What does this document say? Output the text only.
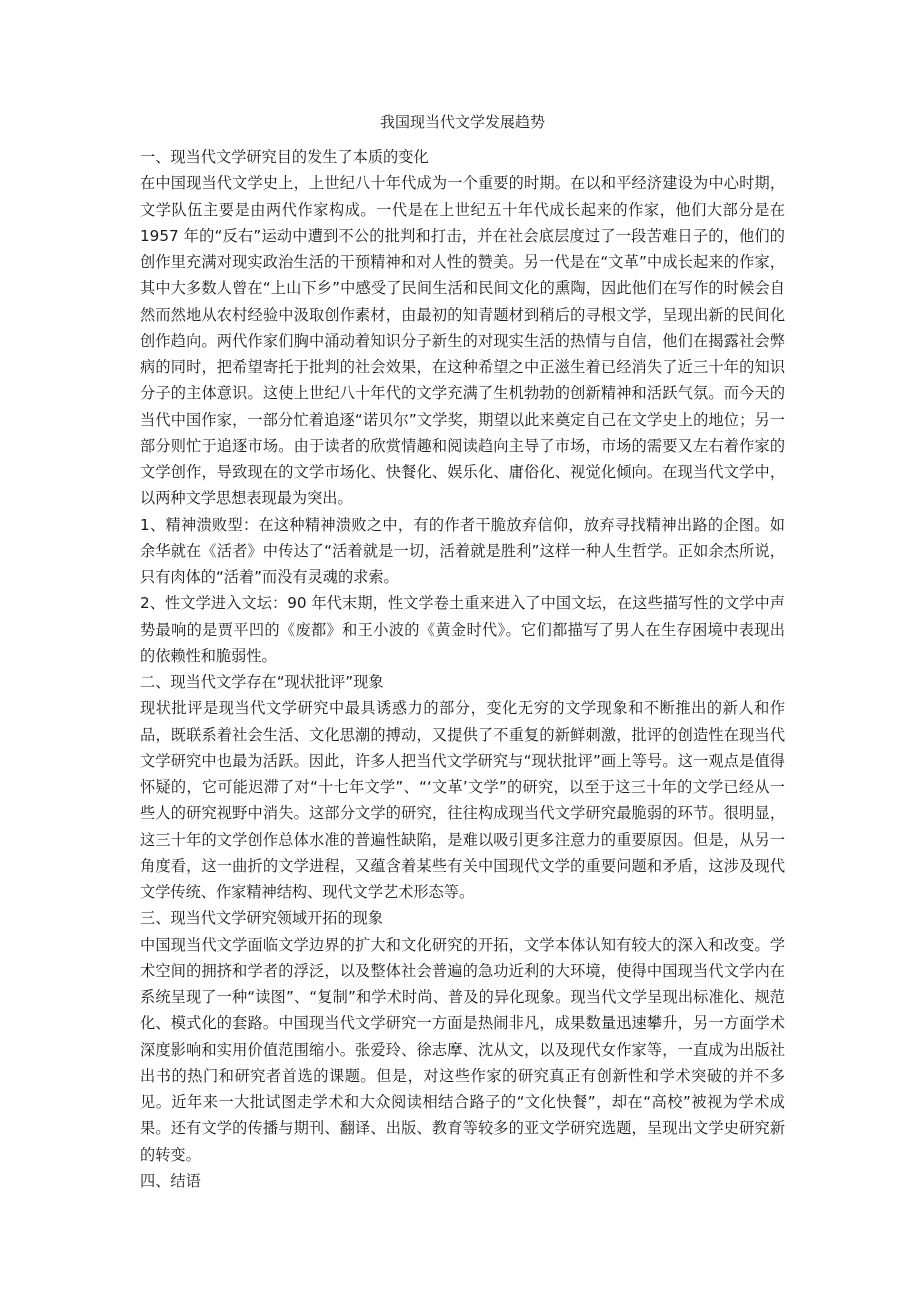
我国现当代文学发展趋势

一、现当代文学研究目的发生了本质的变化

在中国现当代文学史上，上世纪八十年代成为一个重要的时期。在以和平经济建设为中心时期，文学队伍主要是由两代作家构成。一代是在上世纪五十年代成长起来的作家，他们大部分是在 1957 年的“反右”运动中遭到不公的批判和打击，并在社会底层度过了一段苦难日子的，他们的创作里充满对现实政治生活的干预精神和对人性的赞美。另一代是在“文革”中成长起来的作家，其中大多数人曾在“上山下乡”中感受了民间生活和民间文化的熏陶，因此他们在写作的时候会自然而然地从农村经验中汲取创作素材，由最初的知青题材到稍后的寻根文学，呈现出新的民间化创作趋向。两代作家们胸中涌动着知识分子新生的对现实生活的热情与自信，他们在揭露社会弊病的同时，把希望寄托于批判的社会效果，在这种希望之中正滋生着已经消失了近三十年的知识分子的主体意识。这使上世纪八十年代的文学充满了生机勃勃的创新精神和活跃气氛。而今天的当代中国作家，一部分忙着追逐“诺贝尔”文学奖，期望以此来奠定自己在文学史上的地位；另一部分则忙于追逐市场。由于读者的欣赏情趣和阅读趋向主导了市场，市场的需要又左右着作家的文学创作，导致现在的文学市场化、快餐化、娱乐化、庸俗化、视觉化倾向。在现当代文学中，以两种文学思想表现最为突出。

1、精神溃败型：在这种精神溃败之中，有的作者干脆放弃信仰，放弃寻找精神出路的企图。如余华就在《活者》中传达了“活着就是一切，活着就是胜利”这样一种人生哲学。正如余杰所说，只有肉体的“活着”而没有灵魂的求索。

2、性文学进入文坛：90 年代末期，性文学卷土重来进入了中国文坛，在这些描写性的文学中声势最响的是贾平凹的《废都》和王小波的《黄金时代》。它们都描写了男人在生存困境中表现出的依赖性和脆弱性。

二、现当代文学存在“现状批评”现象

现状批评是现当代文学研究中最具诱惑力的部分，变化无穷的文学现象和不断推出的新人和作品，既联系着社会生活、文化思潮的搏动，又提供了不重复的新鲜刺激，批评的创造性在现当代文学研究中也最为活跃。因此，许多人把当代文学研究与“现状批评”画上等号。这一观点是值得怀疑的，它可能迟滞了对“十七年文学”、“‘文革’文学”的研究，以至于这三十年的文学已经从一些人的研究视野中消失。这部分文学的研究，往往构成现当代文学研究最脆弱的环节。很明显，这三十年的文学创作总体水准的普遍性缺陷，是难以吸引更多注意力的重要原因。但是，从另一角度看，这一曲折的文学进程，又蕴含着某些有关中国现代文学的重要问题和矛盾，这涉及现代文学传统、作家精神结构、现代文学艺术形态等。

三、现当代文学研究领域开拓的现象

中国现当代文学面临文学边界的扩大和文化研究的开拓，文学本体认知有较大的深入和改变。学术空间的拥挤和学者的浮泛，以及整体社会普遍的急功近利的大环境，使得中国现当代文学内在系统呈现了一种“读图”、“复制”和学术时尚、普及的异化现象。现当代文学呈现出标准化、规范化、模式化的套路。中国现当代文学研究一方面是热闹非凡，成果数量迅速攀升，另一方面学术深度影响和实用价值范围缩小。张爱玲、徐志摩、沈从文，以及现代女作家等，一直成为出版社出书的热门和研究者首选的课题。但是，对这些作家的研究真正有创新性和学术突破的并不多见。近年来一大批试图走学术和大众阅读相结合路子的“文化快餐”，却在“高校”被视为学术成果。还有文学的传播与期刊、翻译、出版、教育等较多的亚文学研究选题，呈现出文学史研究新的转变。

四、结语
